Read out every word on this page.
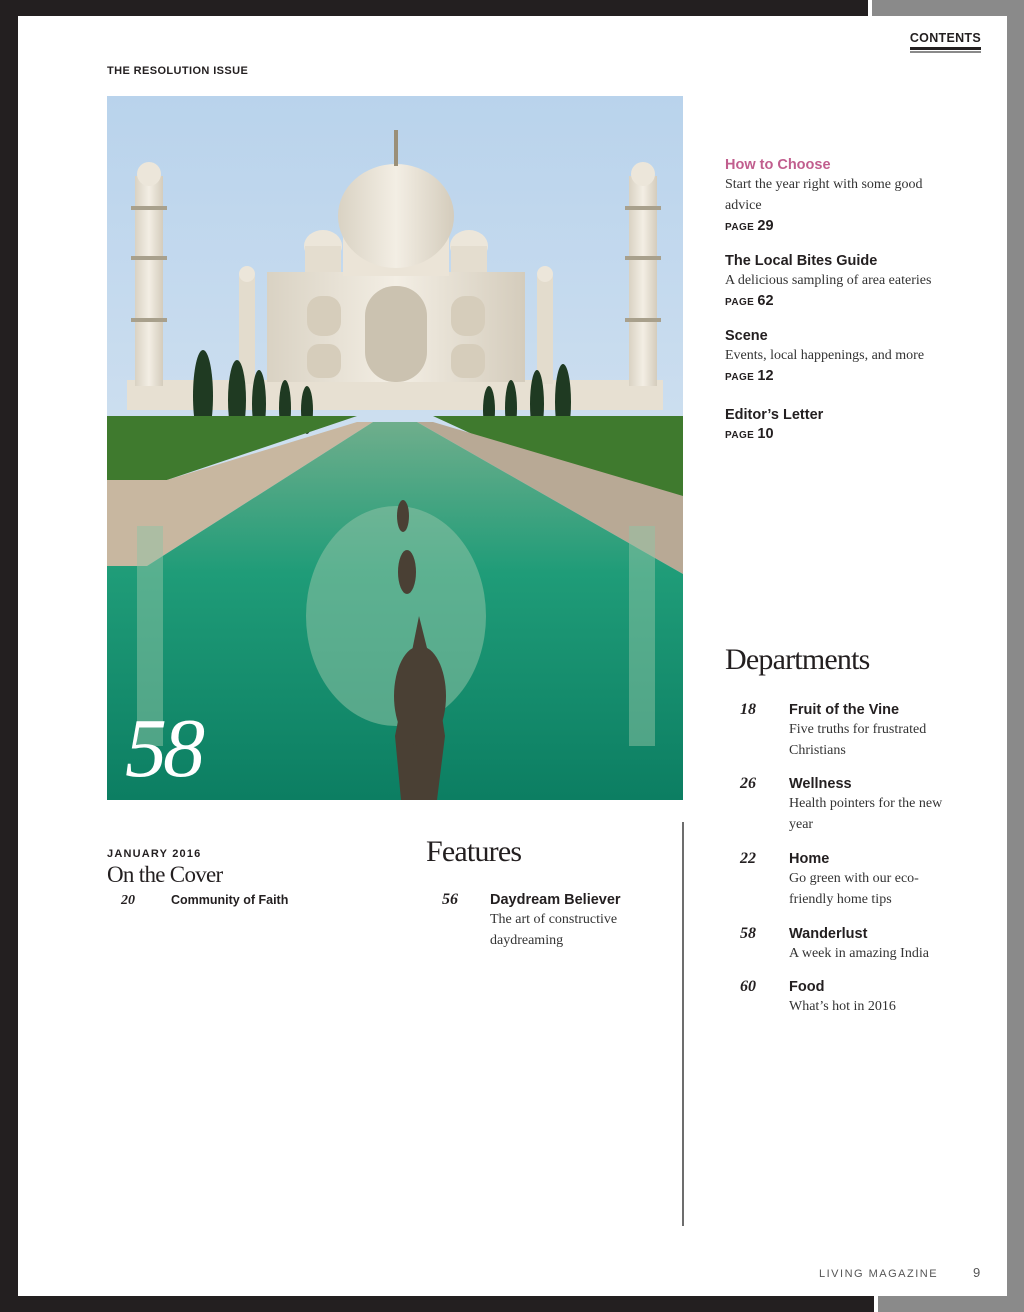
CONTENTS
THE RESOLUTION ISSUE
58
How to Choose
Start the year right with some good advice
PAGE 29
The Local Bites Guide
A delicious sampling of area eateries
PAGE 62
Scene
Events, local happenings, and more
PAGE 12
Editor’s Letter
PAGE 10
Departments
18 Fruit of the Vine
Five truths for frustrated Christians
26 Wellness
Health pointers for the new year
22 Home
Go green with our eco-friendly home tips
58 Wanderlust
A week in amazing India
60 Food
What’s hot in 2016
JANUARY 2016
On the Cover
20	Community of Faith
Features
56 Daydream Believer
The art of constructive daydreaming
LIVING MAGAZINE	9
